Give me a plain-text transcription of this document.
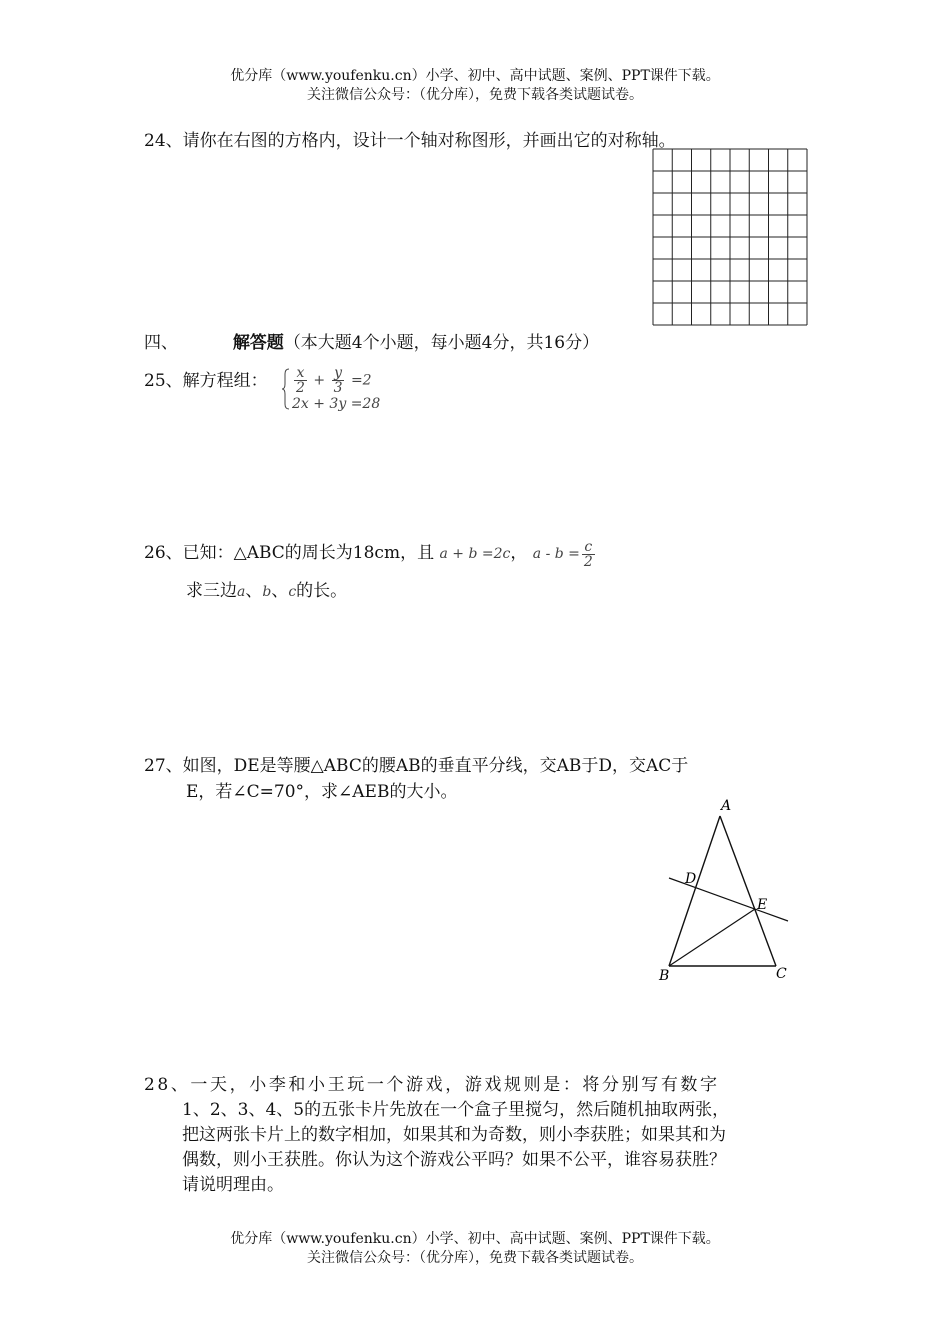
优分库（www.youfenku.cn）小学、初中、高中试题、案例、PPT课件下载。
关注微信公众号：（优分库），免费下载各类试题试卷。
24、请你在右图的方格内，设计一个轴对称图形，并画出它的对称轴。
四、	解答题（本大题4个小题，每小题4分，共16分）
25、解方程组： $\frac{x}{2} + \frac{y}{3} =2$
2x + 3y =28
26、已知：△ABC的周长为18cm，且 a + b =2c， $a - b = \frac{c}{2}$
求三边a、b、c的长。
27、如图，DE是等腰△ABC的腰AB的垂直平分线，交AB于D，交AC于
E，若∠C=70°，求∠AEB的大小。
A
D
E
B	C
28、一天，小李和小王玩一个游戏，游戏规则是：将分别写有数字
1、2、3、4、5的五张卡片先放在一个盒子里搅匀，然后随机抽取两张，
把这两张卡片上的数字相加，如果其和为奇数，则小李获胜；如果其和为
偶数，则小王获胜。你认为这个游戏公平吗？如果不公平，谁容易获胜？
请说明理由。
优分库（www.youfenku.cn）小学、初中、高中试题、案例、PPT课件下载。
关注微信公众号：（优分库），免费下载各类试题试卷。
